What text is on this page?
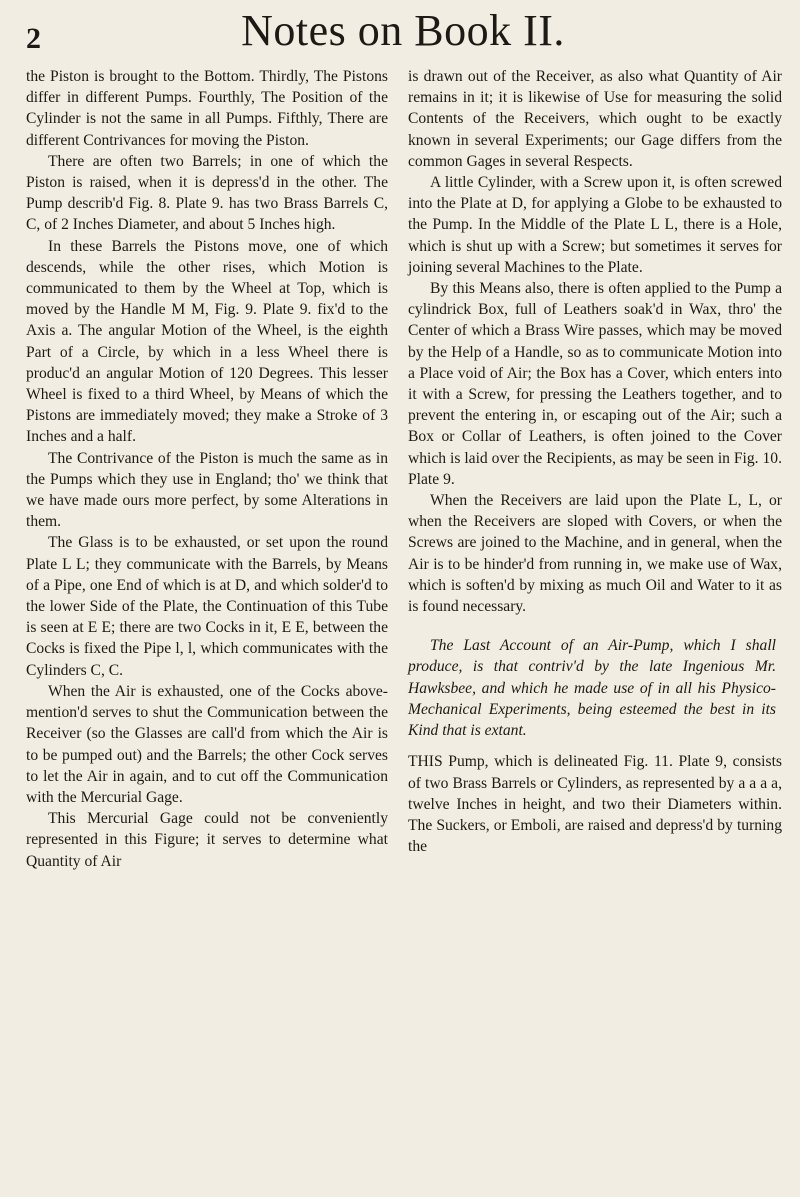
2	Notes on Book II.

the Piston is brought to the Bottom. Thirdly, The Pistons differ in different Pumps. Fourthly, The Position of the Cylinder is not the same in all Pumps. Fifthly, There are different Contrivances for moving the Piston.

There are often two Barrels; in one of which the Piston is raised, when it is depress'd in the other. The Pump describ'd Fig. 8. Plate 9. has two Brass Barrels C, C, of 2 Inches Diameter, and about 5 Inches high.

In these Barrels the Pistons move, one of which descends, while the other rises, which Motion is communicated to them by the Wheel at Top, which is moved by the Handle M M, Fig. 9. Plate 9. fix'd to the Axis a. The angular Motion of the Wheel, is the eighth Part of a Circle, by which in a less Wheel there is produc'd an angular Motion of 120 Degrees. This lesser Wheel is fixed to a third Wheel, by Means of which the Pistons are immediately moved; they make a Stroke of 3 Inches and a half.

The Contrivance of the Piston is much the same as in the Pumps which they use in England; tho' we think that we have made ours more perfect, by some Alterations in them.

The Glass is to be exhausted, or set upon the round Plate L L; they communicate with the Barrels, by Means of a Pipe, one End of which is at D, and which solder'd to the lower Side of the Plate, the Continuation of this Tube is seen at E E; there are two Cocks in it, E E, between the Cocks is fixed the Pipe l, l, which communicates with the Cylinders C, C.

When the Air is exhausted, one of the Cocks above-mention'd serves to shut the Communication between the Receiver (so the Glasses are call'd from which the Air is to be pumped out) and the Barrels; the other Cock serves to let the Air in again, and to cut off the Communication with the Mercurial Gage.

This Mercurial Gage could not be conveniently represented in this Figure; it serves to determine what Quantity of Air

is drawn out of the Receiver, as also what Quantity of Air remains in it; it is likewise of Use for measuring the solid Contents of the Receivers, which ought to be exactly known in several Experiments; our Gage differs from the common Gages in several Respects.

A little Cylinder, with a Screw upon it, is often screwed into the Plate at D, for applying a Globe to be exhausted to the Pump. In the Middle of the Plate L L, there is a Hole, which is shut up with a Screw; but sometimes it serves for joining several Machines to the Plate.

By this Means also, there is often applied to the Pump a cylindrick Box, full of Leathers soak'd in Wax, thro' the Center of which a Brass Wire passes, which may be moved by the Help of a Handle, so as to communicate Motion into a Place void of Air; the Box has a Cover, which enters into it with a Screw, for pressing the Leathers together, and to prevent the entering in, or escaping out of the Air; such a Box or Collar of Leathers, is often joined to the Cover which is laid over the Recipients, as may be seen in Fig. 10. Plate 9.

When the Receivers are laid upon the Plate L, L, or when the Receivers are sloped with Covers, or when the Screws are joined to the Machine, and in general, when the Air is to be hinder'd from running in, we make use of Wax, which is soften'd by mixing as much Oil and Water to it as is found necessary.

The Last Account of an Air-Pump, which I shall produce, is that contriv'd by the late Ingenious Mr. Hawksbee, and which he made use of in all his Physico-Mechanical Experiments, being esteemed the best in its Kind that is extant.

THIS Pump, which is delineated Fig. 11. Plate 9, consists of two Brass Barrels or Cylinders, as represented by a a a a, twelve Inches in height, and two their Diameters within. The Suckers, or Emboli, are raised and depress'd by turning the
